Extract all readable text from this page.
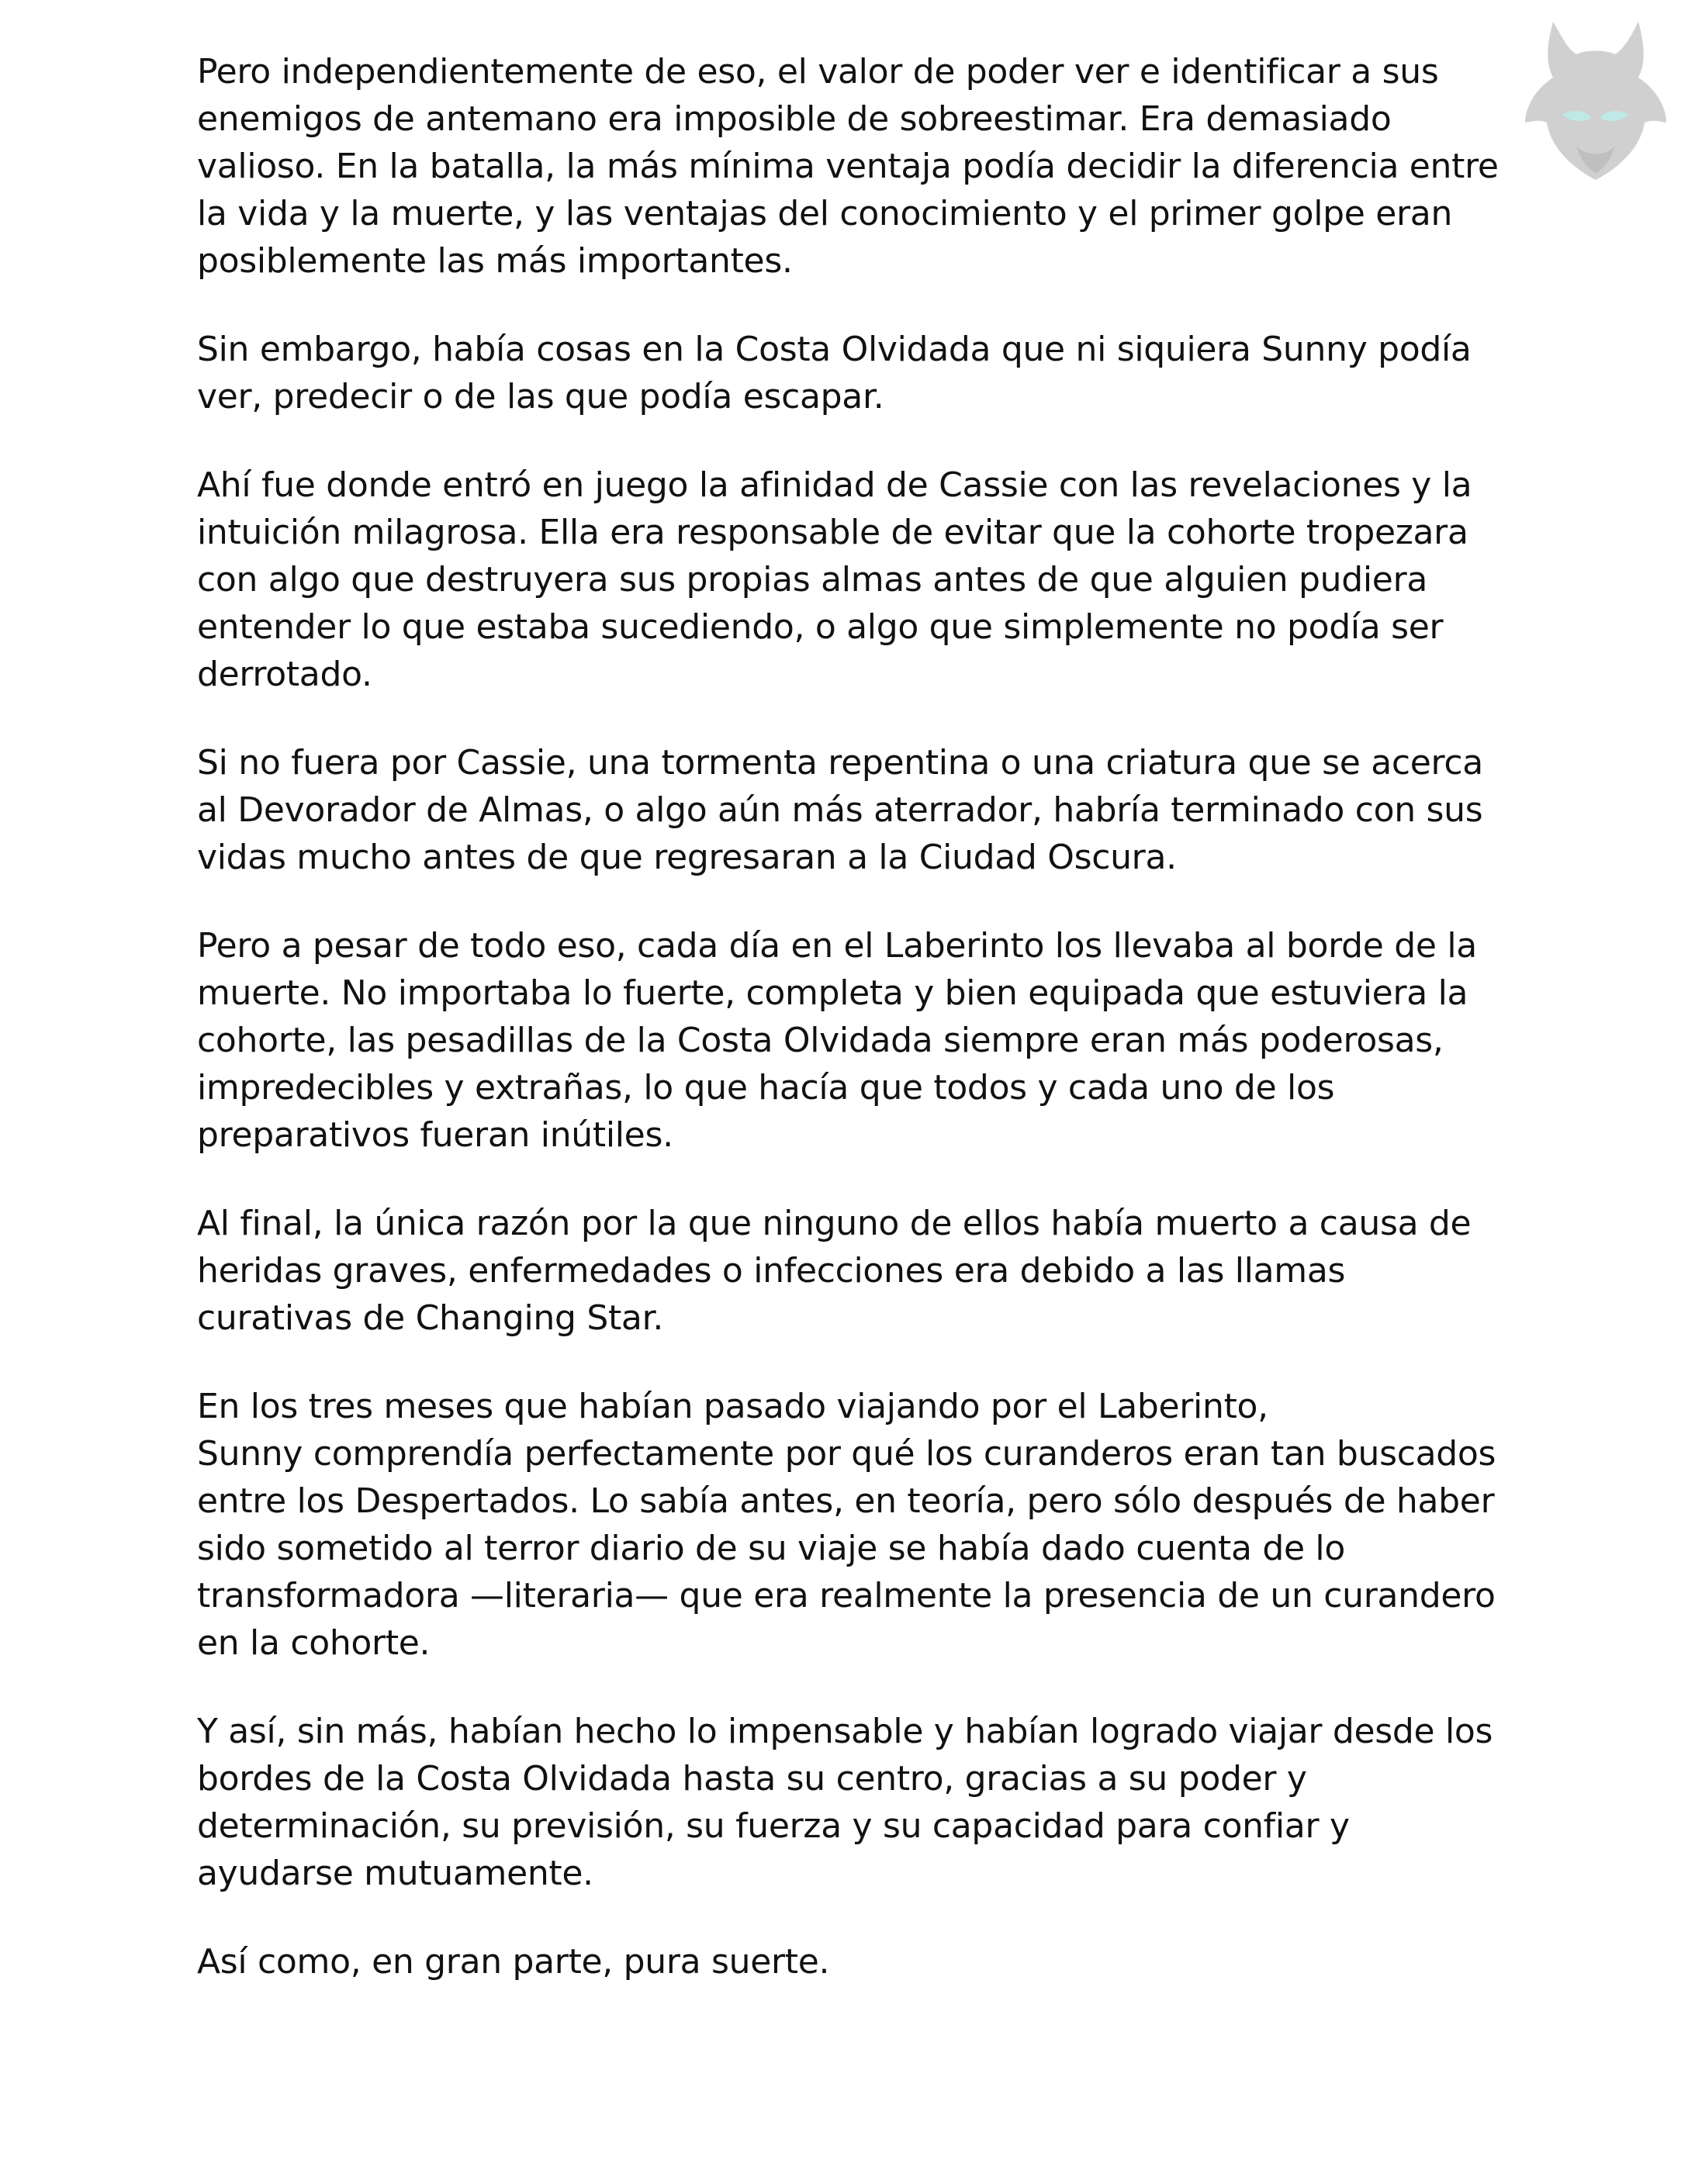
Pero independientemente de eso, el valor de poder ver e identificar a sus enemigos de antemano era imposible de sobreestimar. Era demasiado valioso. En la batalla, la más mínima ventaja podía decidir la diferencia entre la vida y la muerte, y las ventajas del conocimiento y el primer golpe eran posiblemente las más importantes.

Sin embargo, había cosas en la Costa Olvidada que ni siquiera Sunny podía ver, predecir o de las que podía escapar.

Ahí fue donde entró en juego la afinidad de Cassie con las revelaciones y la intuición milagrosa. Ella era responsable de evitar que la cohorte tropezara con algo que destruyera sus propias almas antes de que alguien pudiera entender lo que estaba sucediendo, o algo que simplemente no podía ser derrotado.

Si no fuera por Cassie, una tormenta repentina o una criatura que se acerca al Devorador de Almas, o algo aún más aterrador, habría terminado con sus vidas mucho antes de que regresaran a la Ciudad Oscura.

Pero a pesar de todo eso, cada día en el Laberinto los llevaba al borde de la muerte. No importaba lo fuerte, completa y bien equipada que estuviera la cohorte, las pesadillas de la Costa Olvidada siempre eran más poderosas, impredecibles y extrañas, lo que hacía que todos y cada uno de los preparativos fueran inútiles.

Al final, la única razón por la que ninguno de ellos había muerto a causa de heridas graves, enfermedades o infecciones era debido a las llamas curativas de Changing Star.

En los tres meses que habían pasado viajando por el Laberinto,
Sunny comprendía perfectamente por qué los curanderos eran tan buscados entre los Despertados. Lo sabía antes, en teoría, pero sólo después de haber sido sometido al terror diario de su viaje se había dado cuenta de lo transformadora —literaria— que era realmente la presencia de un curandero en la cohorte.

Y así, sin más, habían hecho lo impensable y habían logrado viajar desde los bordes de la Costa Olvidada hasta su centro, gracias a su poder y determinación, su previsión, su fuerza y su capacidad para confiar y ayudarse mutuamente.

Así como, en gran parte, pura suerte.
